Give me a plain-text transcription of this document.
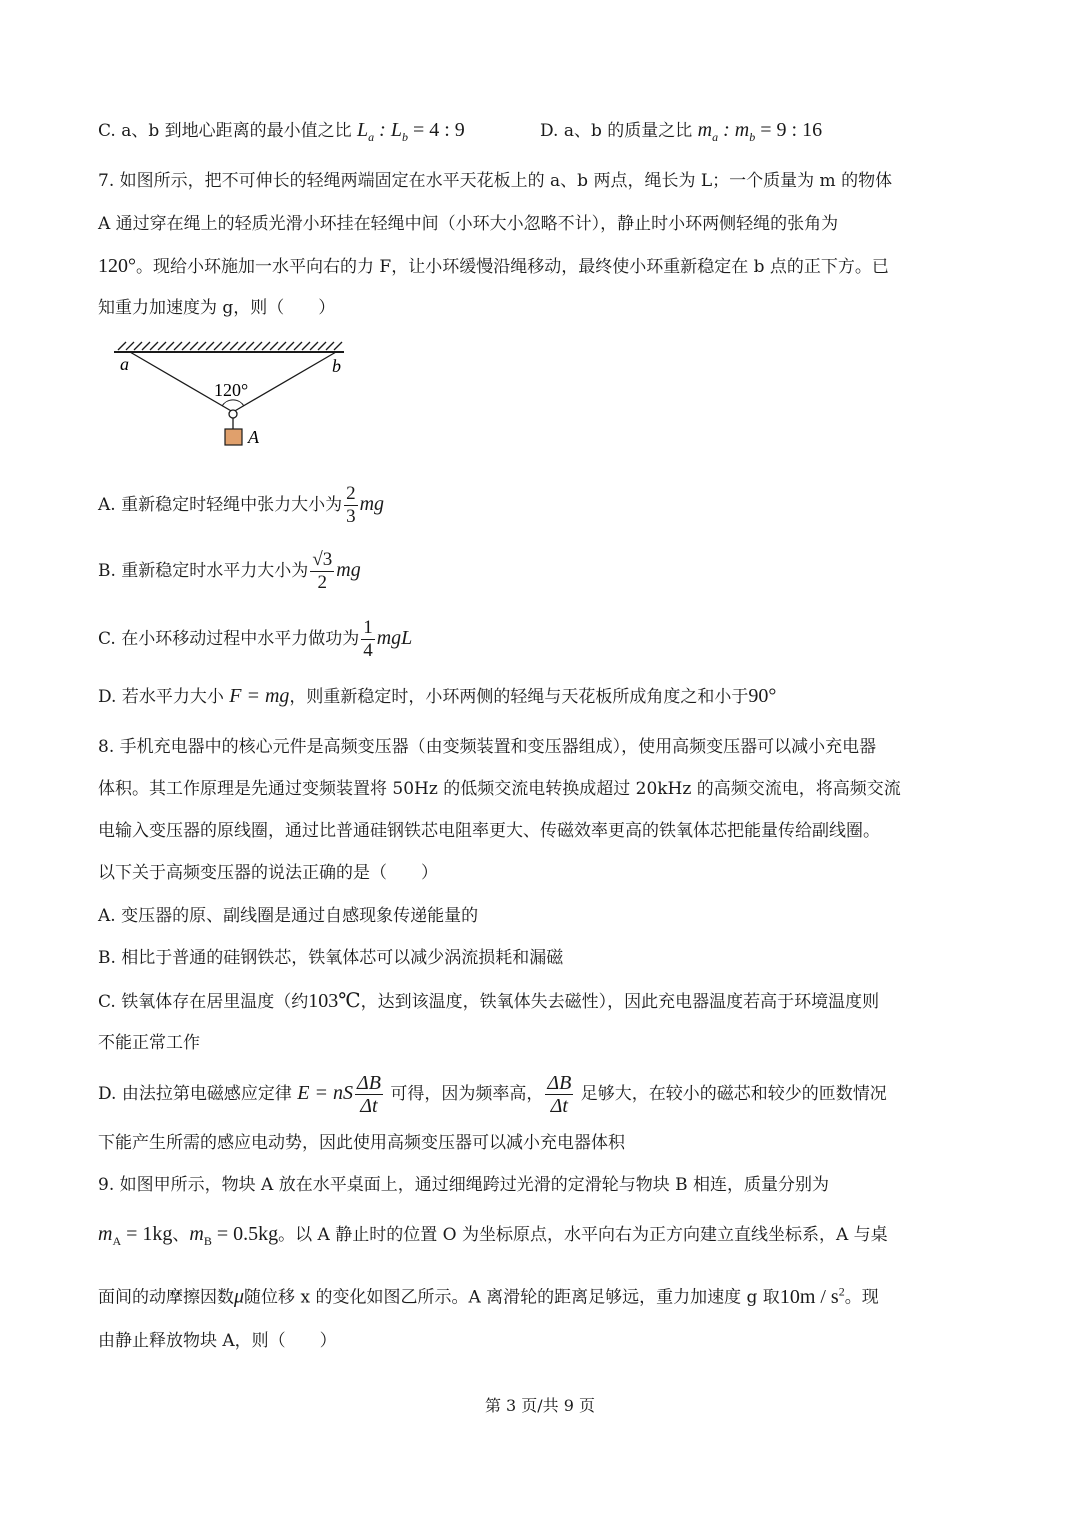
C. a、b 到地心距离的最小值之比 $L_a$ : $L_b = 4$ : 9	D. a、b 的质量之比 $m_a$ : $m_b = 9$ : 16
7. 如图所示，把不可伸长的轻绳两端固定在水平天花板上的 a、b 两点，绳长为 L；一个质量为 m 的物体
A 通过穿在绳上的轻质光滑小环挂在轻绳中间（小环大小忽略不计），静止时小环两侧轻绳的张角为
120°。现给小环施加一水平向右的力 F，让小环缓慢沿绳移动，最终使小环重新稳定在 b 点的正下方。已
知重力加速度为 g，则（　　）
a	b
120°
A
A. 重新稳定时轻绳中张力大小为 $\frac{2}{3}$ mg
B. 重新稳定时水平力大小为 $\frac{√3}{2}$ mg
C. 在小环移动过程中水平力做功为 $\frac{1}{4}$ mgL
D. 若水平力大小 F = mg，则重新稳定时，小环两侧的轻绳与天花板所成角度之和小于90°
8. 手机充电器中的核心元件是高频变压器（由变频装置和变压器组成），使用高频变压器可以减小充电器
体积。其工作原理是先通过变频装置将 50Hz 的低频交流电转换成超过 20kHz 的高频交流电，将高频交流
电输入变压器的原线圈，通过比普通硅钢铁芯电阻率更大、传磁效率更高的铁氧体芯把能量传给副线圈。
以下关于高频变压器的说法正确的是（　　）
A. 变压器的原、副线圈是通过自感现象传递能量的
B. 相比于普通的硅钢铁芯，铁氧体芯可以减少涡流损耗和漏磁
C. 铁氧体存在居里温度（约103℃，达到该温度，铁氧体失去磁性），因此充电器温度若高于环境温度则
不能正常工作
D. 由法拉第电磁感应定律 E = nS $\frac{\Delta B}{\Delta t}$ 可得，因为频率高， $\frac{\Delta B}{\Delta t}$ 足够大，在较小的磁芯和较少的匝数情况
下能产生所需的感应电动势，因此使用高频变压器可以减小充电器体积
9. 如图甲所示，物块 A 放在水平桌面上，通过细绳跨过光滑的定滑轮与物块 B 相连，质量分别为
$m_A = 1kg$、$m_B = 0.5kg$。以 A 静止时的位置 O 为坐标原点，水平向右为正方向建立直线坐标系，A 与桌
面间的动摩擦因数μ随位移 x 的变化如图乙所示。A 离滑轮的距离足够远，重力加速度 g 取$10m / s^2$。现
由静止释放物块 A，则（　　）
第 3 页/共 9 页
